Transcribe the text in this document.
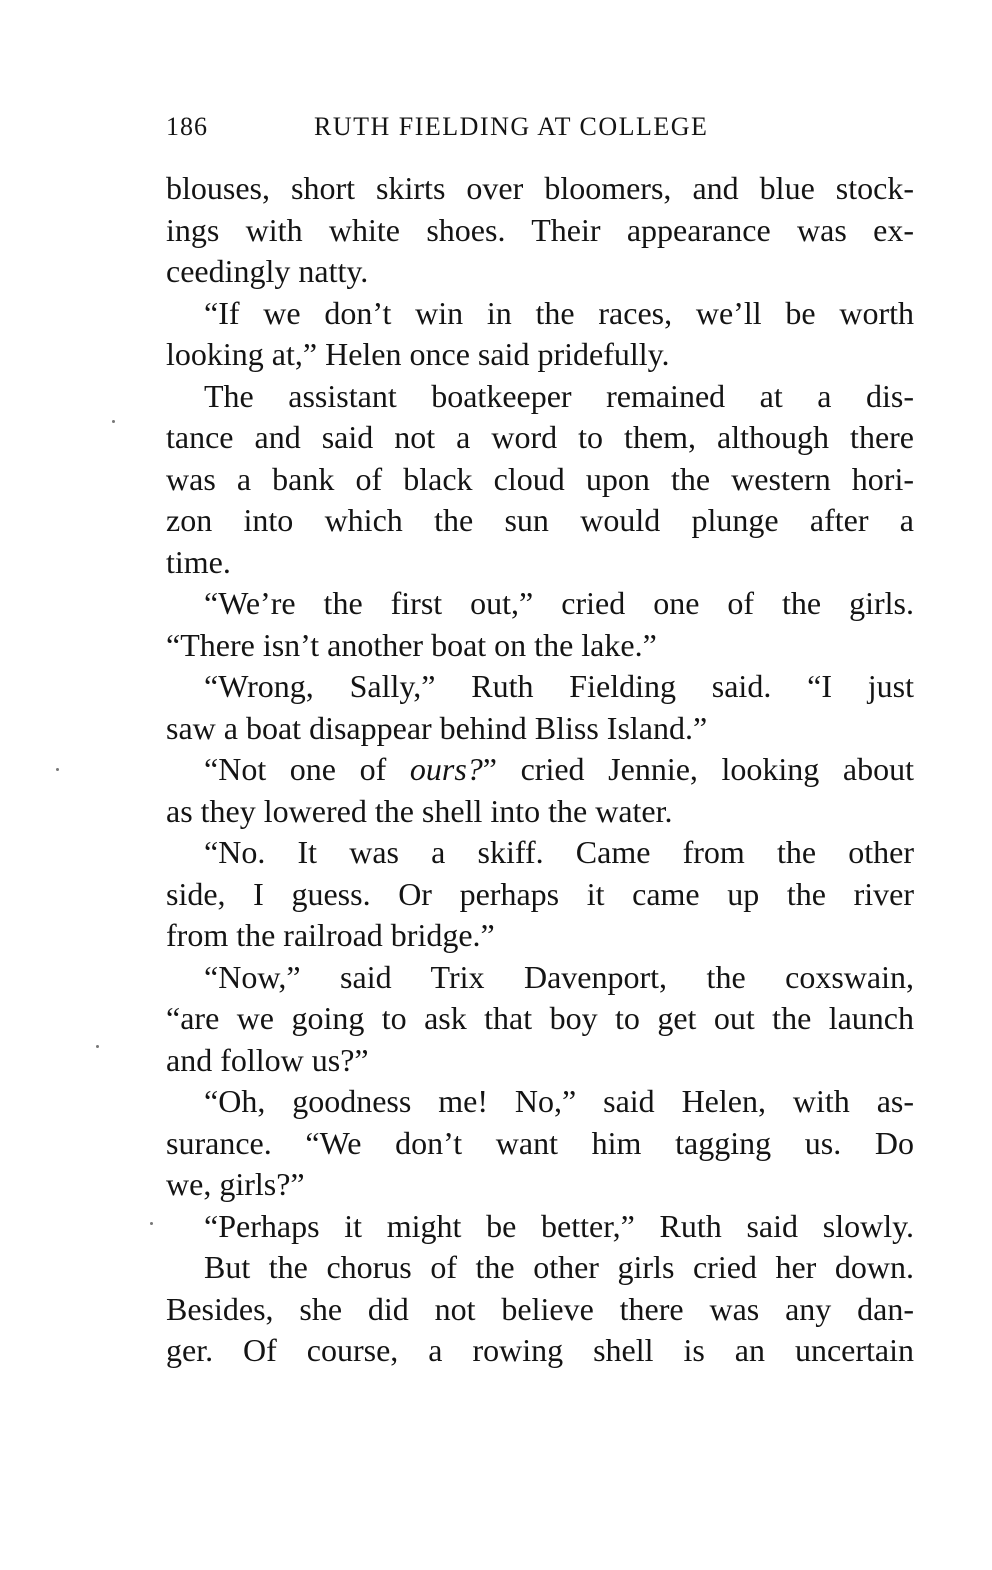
186	RUTH FIELDING AT COLLEGE
blouses, short skirts over bloomers, and blue stock-
ings with white shoes. Their appearance was ex-
ceedingly natty.
“If we don’t win in the races, we’ll be worth
looking at,” Helen once said pridefully.
The assistant boatkeeper remained at a dis-
tance and said not a word to them, although there
was a bank of black cloud upon the western hori-
zon into which the sun would plunge after a
time.
“We’re the first out,” cried one of the girls.
“There isn’t another boat on the lake.”
“Wrong, Sally,” Ruth Fielding said. “I just
saw a boat disappear behind Bliss Island.”
“Not one of ours?” cried Jennie, looking about
as they lowered the shell into the water.
“No. It was a skiff. Came from the other
side, I guess. Or perhaps it came up the river
from the railroad bridge.”
“Now,” said Trix Davenport, the coxswain,
“are we going to ask that boy to get out the launch
and follow us?”
“Oh, goodness me! No,” said Helen, with as-
surance. “We don’t want him tagging us. Do
we, girls?”
“Perhaps it might be better,” Ruth said slowly.
But the chorus of the other girls cried her down.
Besides, she did not believe there was any dan-
ger. Of course, a rowing shell is an uncertain
